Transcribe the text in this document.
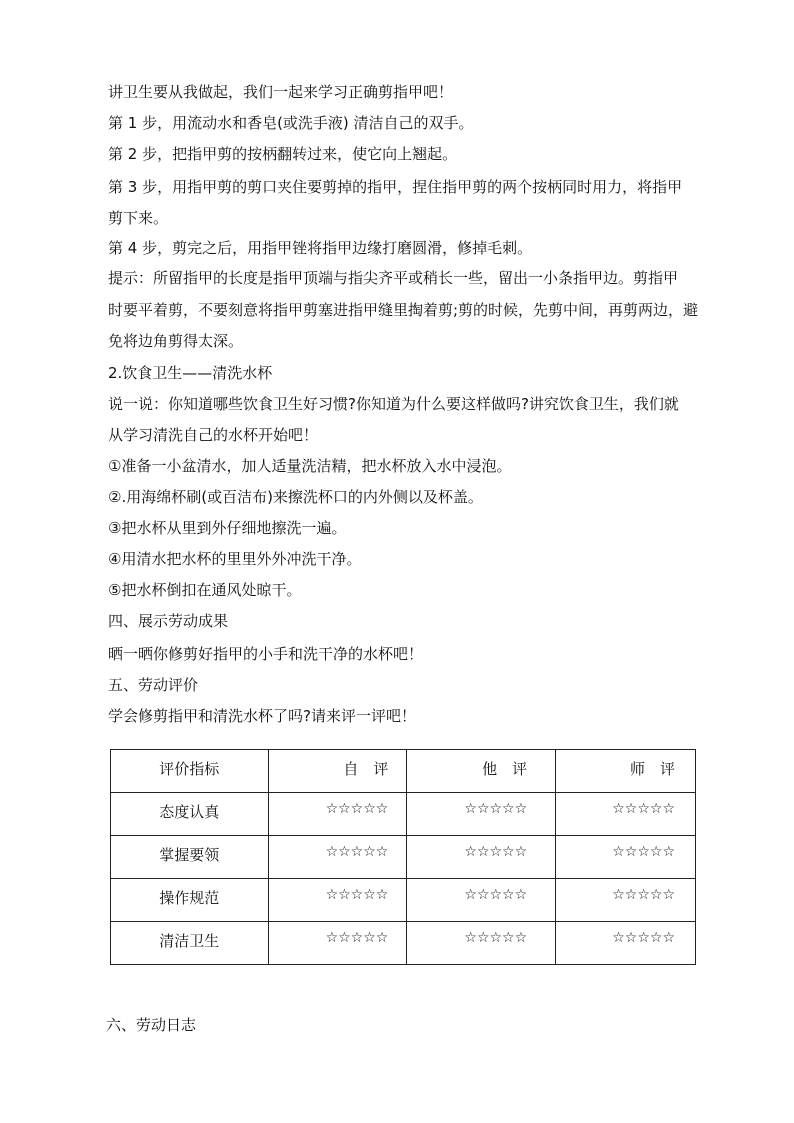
讲卫生要从我做起，我们一起来学习正确剪指甲吧！
第 1 步，用流动水和香皂(或洗手液) 清洁自己的双手。
第 2 步，把指甲剪的按柄翻转过来，使它向上翘起。
第 3 步，用指甲剪的剪口夹住要剪掉的指甲，捏住指甲剪的两个按柄同时用力，将指甲
剪下来。
第 4 步，剪完之后，用指甲锉将指甲边缘打磨圆滑，修掉毛刺。
提示：所留指甲的长度是指甲顶端与指尖齐平或稍长一些，留出一小条指甲边。剪指甲
时要平着剪，不要刻意将指甲剪塞进指甲缝里掏着剪;剪的时候，先剪中间，再剪两边，避
免将边角剪得太深。
2.饮食卫生——清洗水杯
说一说：你知道哪些饮食卫生好习惯?你知道为什么要这样做吗?讲究饮食卫生，我们就
从学习清洗自己的水杯开始吧！
①准备一小盆清水，加人适量洗洁精，把水杯放入水中浸泡。
②.用海绵杯刷(或百洁布)来擦洗杯口的内外侧以及杯盖。
③把水杯从里到外仔细地擦洗一遍。
④用清水把水杯的里里外外冲洗干净。
⑤把水杯倒扣在通风处晾干。
四、展示劳动成果
晒一晒你修剪好指甲的小手和洗干净的水杯吧！
五、劳动评价
学会修剪指甲和清洗水杯了吗?请来评一评吧！
评价指标	自　评	他　评	师　评

态度认真	☆☆☆☆☆	☆☆☆☆☆	☆☆☆☆☆

掌握要领	☆☆☆☆☆	☆☆☆☆☆	☆☆☆☆☆

操作规范	☆☆☆☆☆	☆☆☆☆☆	☆☆☆☆☆

清洁卫生	☆☆☆☆☆	☆☆☆☆☆	☆☆☆☆☆
六、劳动日志
